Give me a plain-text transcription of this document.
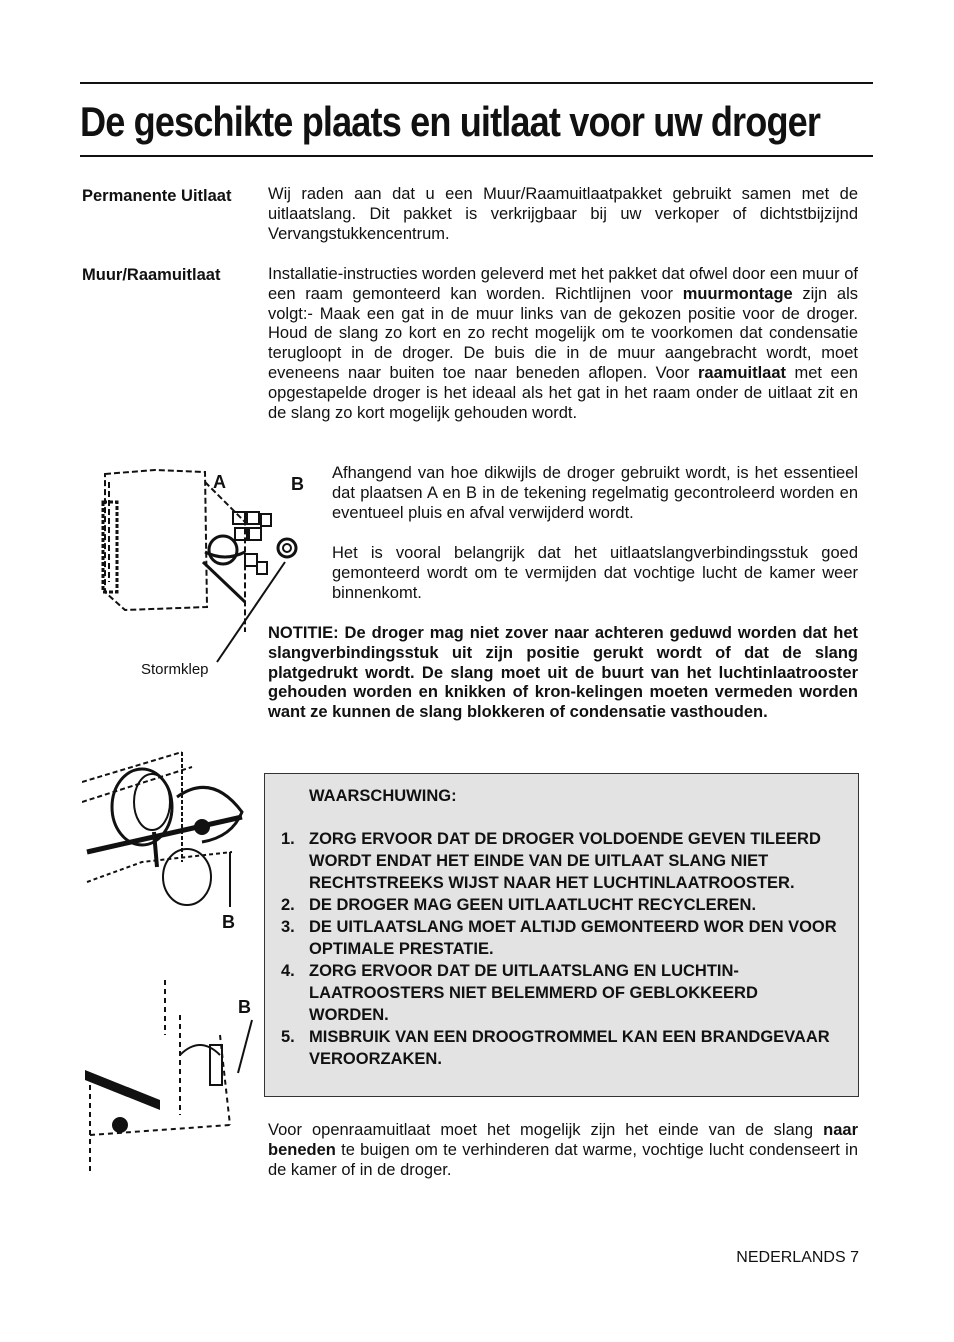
De geschikte plaats en uitlaat voor uw droger
Permanente Uitlaat Wij raden aan dat u een Muur/Raamuitlaatpakket gebruikt samen met de uitlaatslang. Dit pakket is verkrijgbaar bij uw verkoper of dichtstbijzijnd Vervangstukkencentrum.

Muur/Raamuitlaat	Installatie-instructies worden geleverd met het pakket dat ofwel door een muur of een raam gemonteerd kan worden. Richtlijnen voor muurmontage zijn als volgt:- Maak een gat in de muur links van de gekozen positie voor de droger. Houd de slang zo kort en zo recht mogelijk om te voorkomen dat condensatie terugloopt in de droger. De buis die in de muur aangebracht wordt, moet eveneens naar buiten toe naar beneden aflopen. Voor raamuitlaat met een opgestapelde droger is het ideaal als het gat in het raam onder de uitlaat zit en de slang zo kort mogelijk gehouden wordt.

A	B
Stormklep

Afhangend van hoe dikwijls de droger gebruikt wordt, is het essentieel dat plaatsen A en B in de tekening regelmatig gecontroleerd worden en eventueel pluis en afval verwijderd wordt.

Het is vooral belangrijk dat het uitlaatslangverbindingsstuk goed gemonteerd wordt om te vermijden dat vochtige lucht de kamer weer binnenkomt.

NOTITIE: De droger mag niet zover naar achteren geduwd worden dat het slangverbindingsstuk uit zijn positie gerukt wordt of dat de slang platgedrukt wordt. De slang moet uit de buurt van het luchtinlaatrooster gehouden worden en knikken of kron-kelingen moeten vermeden worden want ze kunnen de slang blokkeren of condensatie vasthouden.

B
B
WAARSCHUWING:
1. ZORG ERVOOR DAT DE DROGER VOLDOENDE GEVEN TILEERD WORDT ENDAT HET EINDE VAN DE UITLAAT SLANG NIET RECHTSTREEKS WIJST NAAR HET LUCHTINLAATROOSTER.
2. DE DROGER MAG GEEN UITLAATLUCHT RECYCLEREN.
3. DE UITLAATSLANG MOET ALTIJD GEMONTEERD WOR DEN VOOR OPTIMALE PRESTATIE.
4. ZORG ERVOOR DAT DE UITLAATSLANG EN LUCHTIN- LAATROOSTERS NIET BELEMMERD OF GEBLOKKEERD WORDEN.
5. MISBRUIK VAN EEN DROOGTROMMEL KAN EEN BRANDGEVAAR VEROORZAKEN.

Voor openraamuitlaat moet het mogelijk zijn het einde van de slang naar beneden te buigen om te verhinderen dat warme, vochtige lucht condenseert in de kamer of in de droger.

NEDERLANDS 7
